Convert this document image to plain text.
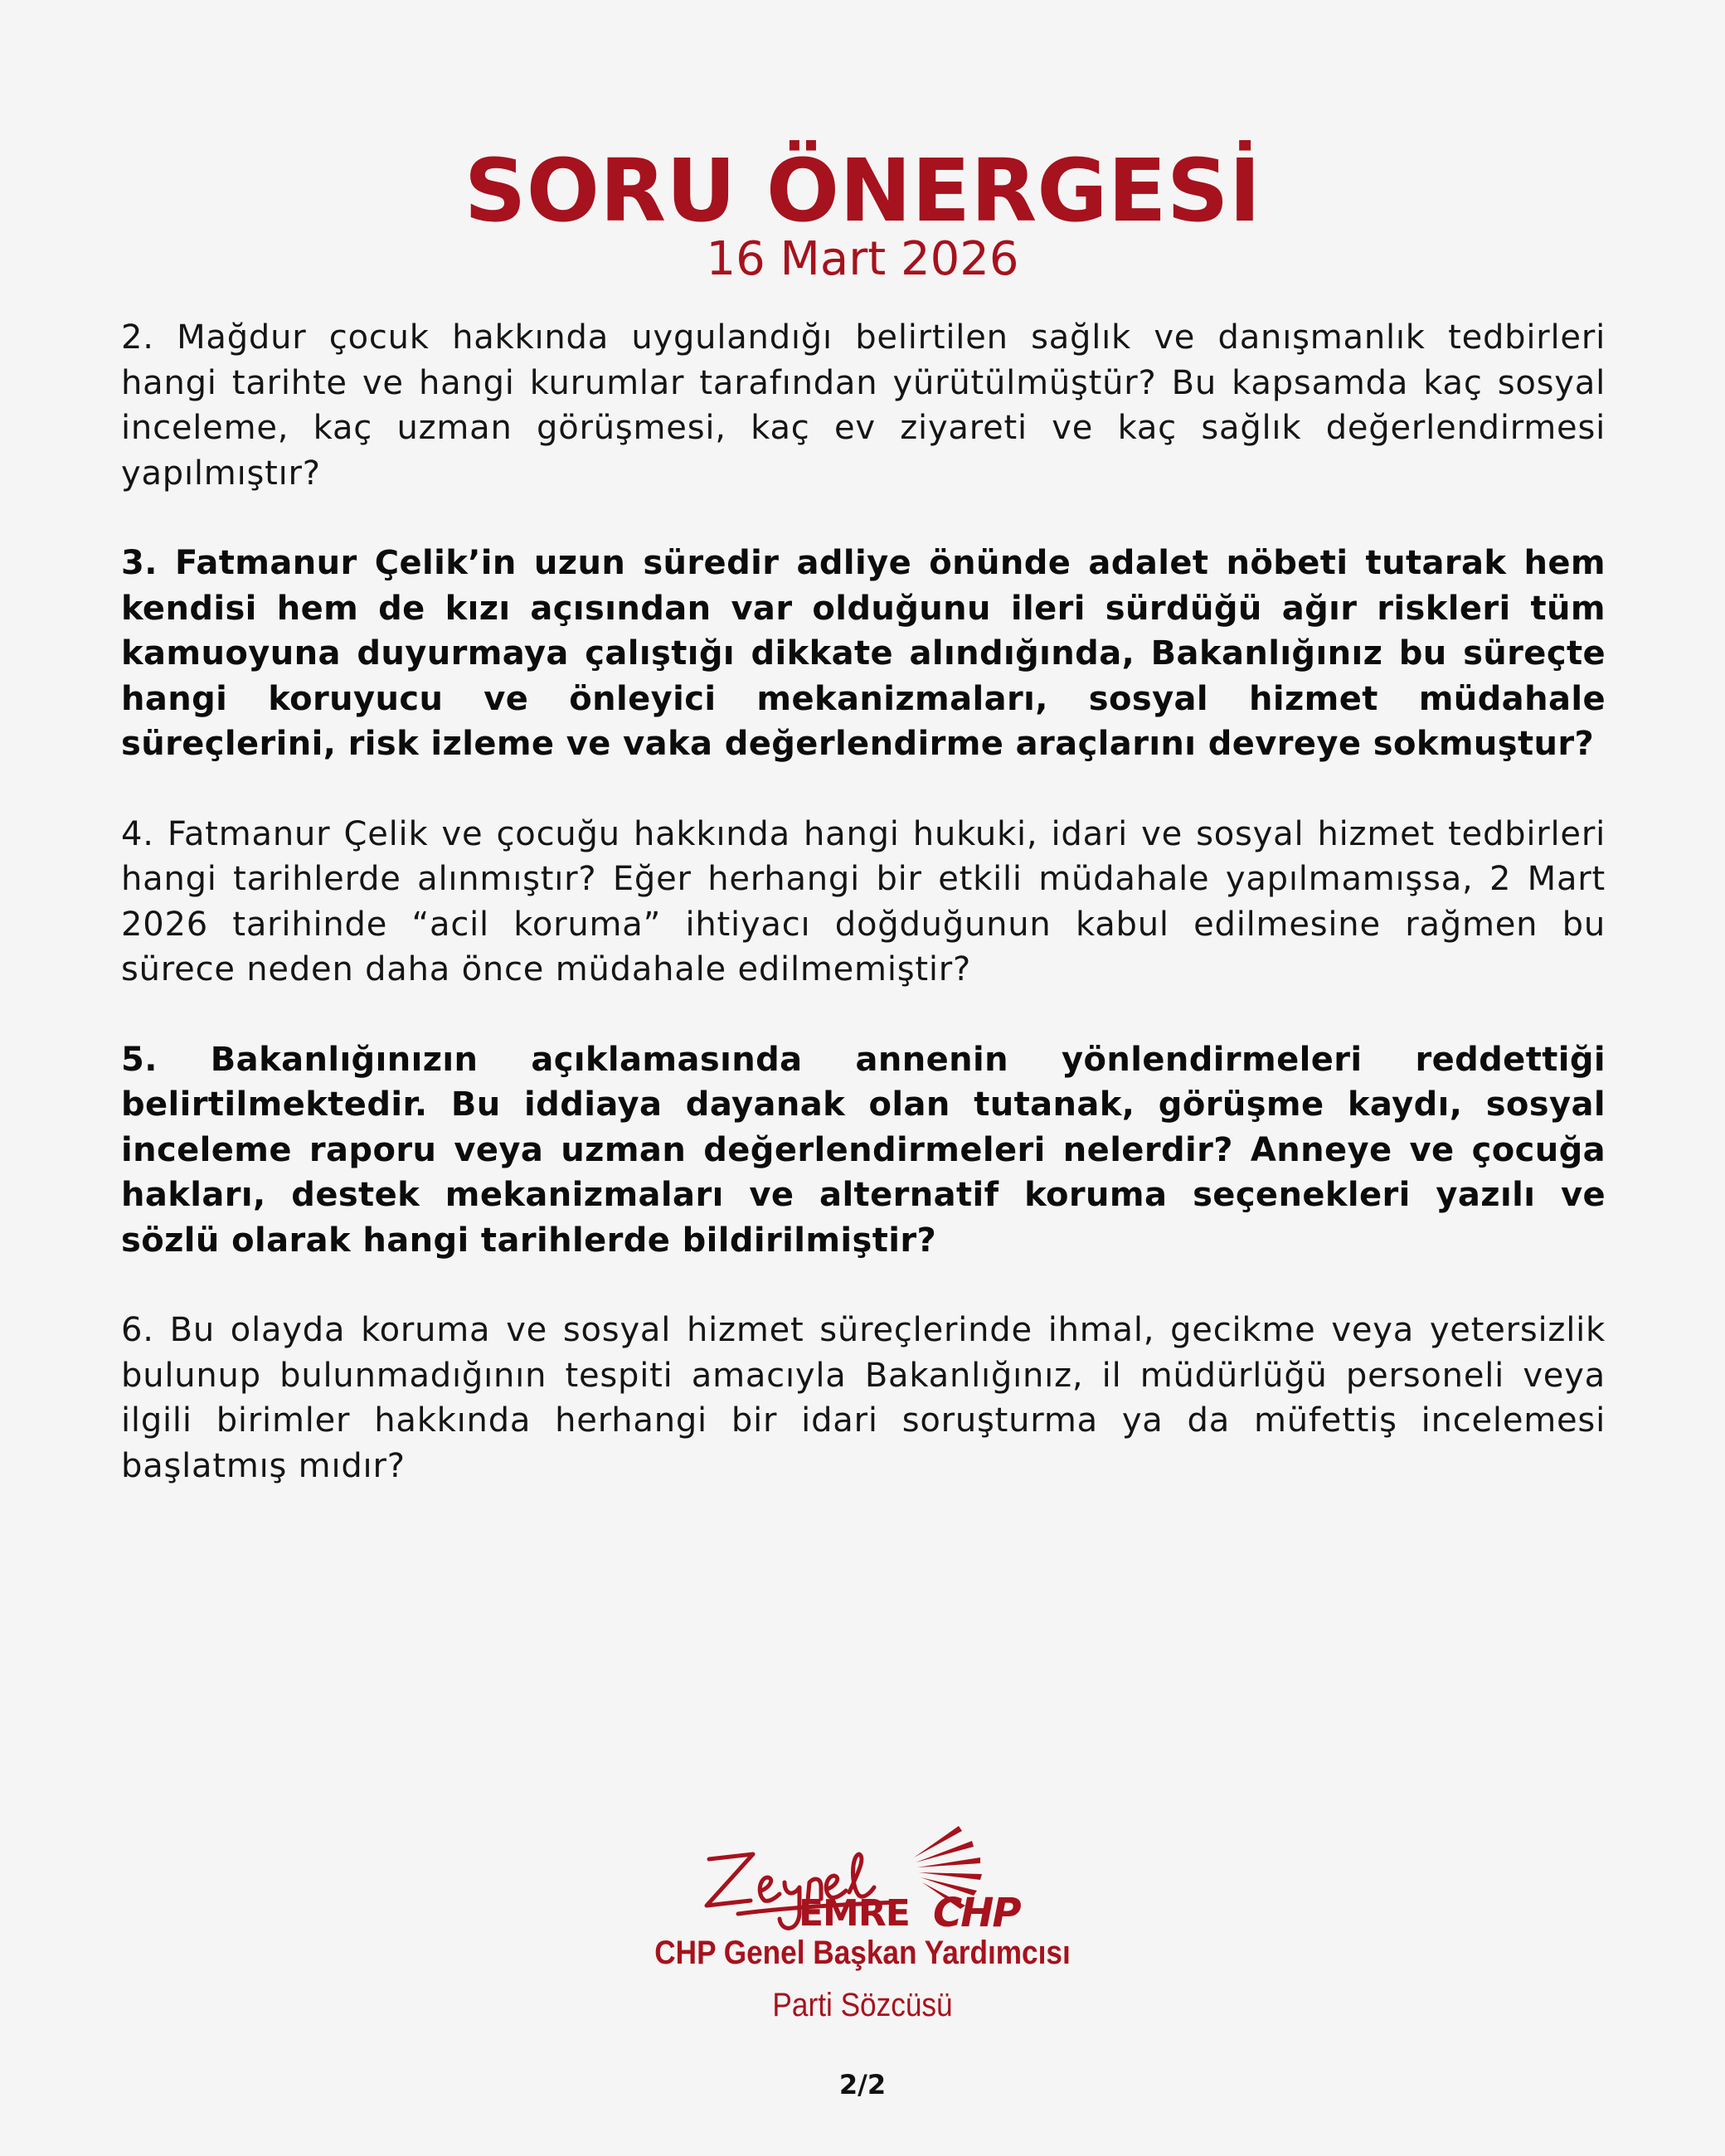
SORU ÖNERGESİ
16 Mart 2026

2. Mağdur çocuk hakkında uygulandığı belirtilen sağlık ve danışmanlık tedbirleri hangi tarihte ve hangi kurumlar tarafından yürütülmüştür? Bu kapsamda kaç sosyal inceleme, kaç uzman görüşmesi, kaç ev ziyareti ve kaç sağlık değerlendirmesi yapılmıştır?

3. Fatmanur Çelik’in uzun süredir adliye önünde adalet nöbeti tutarak hem kendisi hem de kızı açısından var olduğunu ileri sürdüğü ağır riskleri tüm kamuoyuna duyurmaya çalıştığı dikkate alındığında, Bakanlığınız bu süreçte hangi koruyucu ve önleyici mekanizmaları, sosyal hizmet müdahale süreçlerini, risk izleme ve vaka değerlendirme araçlarını devreye sokmuştur?

4. Fatmanur Çelik ve çocuğu hakkında hangi hukuki, idari ve sosyal hizmet tedbirleri hangi tarihlerde alınmıştır? Eğer herhangi bir etkili müdahale yapılmamışsa, 2 Mart 2026 tarihinde “acil koruma” ihtiyacı doğduğunun kabul edilmesine rağmen bu sürece neden daha önce müdahale edilmemiştir?

5. Bakanlığınızın açıklamasında annenin yönlendirmeleri reddettiği belirtilmektedir. Bu iddiaya dayanak olan tutanak, görüşme kaydı, sosyal inceleme raporu veya uzman değerlendirmeleri nelerdir? Anneye ve çocuğa hakları, destek mekanizmaları ve alternatif koruma seçenekleri yazılı ve sözlü olarak hangi tarihlerde bildirilmiştir?

6. Bu olayda koruma ve sosyal hizmet süreçlerinde ihmal, gecikme veya yetersizlik bulunup bulunmadığının tespiti amacıyla Bakanlığınız, il müdürlüğü personeli veya ilgili birimler hakkında herhangi bir idari soruşturma ya da müfettiş incelemesi başlatmış mıdır?

EMRE CHP
CHP Genel Başkan Yardımcısı
Parti Sözcüsü
2/2
